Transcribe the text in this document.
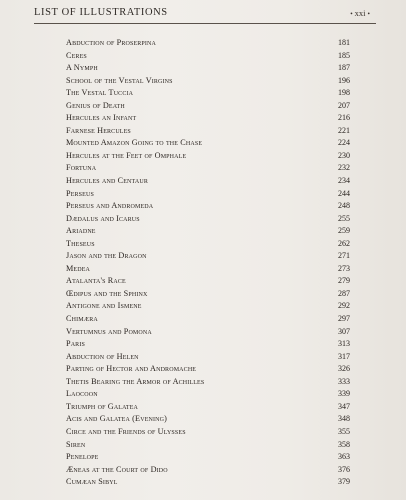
LIST OF ILLUSTRATIONS	• xxi •
Abduction of Proserpina	181
Ceres	185
A Nymph	187
School of the Vestal Virgins	196
The Vestal Tuccia	198
Genius of Death	207
Hercules an Infant	216
Farnese Hercules	221
Mounted Amazon Going to the Chase	224
Hercules at the Feet of Omphale	230
Fortuna	232
Hercules and Centaur	234
Perseus	244
Perseus and Andromeda	248
Dædalus and Icarus	255
Ariadne	259
Theseus	262
Jason and the Dragon	271
Medea	273
Atalanta's Race	279
Œdipus and the Sphinx	287
Antigone and Ismene	292
Chimæra	297
Vertumnus and Pomona	307
Paris	313
Abduction of Helen	317
Parting of Hector and Andromache	326
Thetis Bearing the Armor of Achilles	333
Laocoon	339
Triumph of Galatea	347
Acis and Galatea (Evening)	348
Circe and the Friends of Ulysses	355
Siren	358
Penelope	363
Æneas at the Court of Dido	376
Cumæan Sibyl	379
